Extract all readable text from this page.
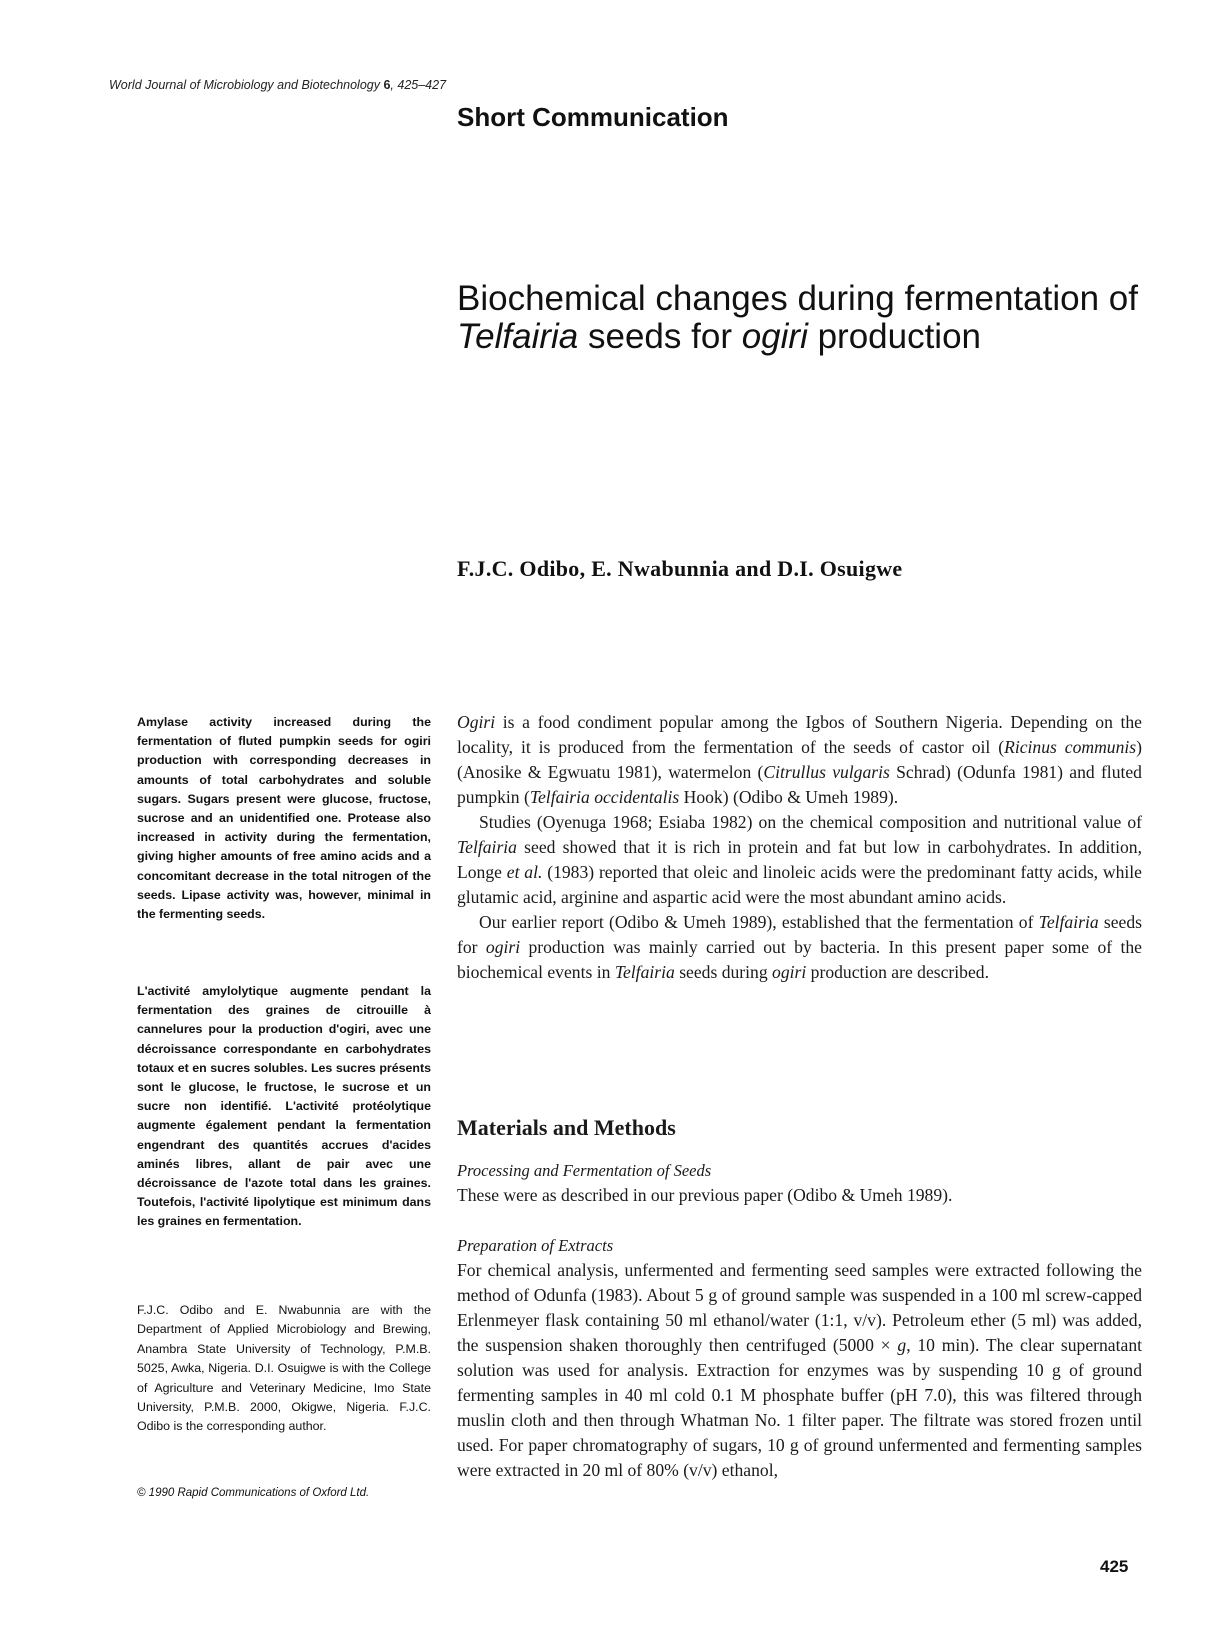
World Journal of Microbiology and Biotechnology 6, 425–427
Short Communication
Biochemical changes during fermentation of Telfairia seeds for ogiri production
F.J.C. Odibo, E. Nwabunnia and D.I. Osuigwe

Amylase activity increased during the fermentation of fluted pumpkin seeds for ogiri production with corresponding decreases in amounts of total carbohydrates and soluble sugars. Sugars present were glucose, fructose, sucrose and an unidentified one. Protease also increased in activity during the fermentation, giving higher amounts of free amino acids and a concomitant decrease in the total nitrogen of the seeds. Lipase activity was, however, minimal in the fermenting seeds.

L'activité amylolytique augmente pendant la fermentation des graines de citrouille à cannelures pour la production d'ogiri, avec une décroissance correspondante en carbohydrates totaux et en sucres solubles. Les sucres présents sont le glucose, le fructose, le sucrose et un sucre non identifié. L'activité protéolytique augmente également pendant la fermentation engendrant des quantités accrues d'acides aminés libres, allant de pair avec une décroissance de l'azote total dans les graines. Toutefois, l'activité lipolytique est minimum dans les graines en fermentation.

F.J.C. Odibo and E. Nwabunnia are with the Department of Applied Microbiology and Brewing, Anambra State University of Technology, P.M.B. 5025, Awka, Nigeria. D.I. Osuigwe is with the College of Agriculture and Veterinary Medicine, Imo State University, P.M.B. 2000, Okigwe, Nigeria. F.J.C. Odibo is the corresponding author.

© 1990 Rapid Communications of Oxford Ltd.

Ogiri is a food condiment popular among the Igbos of Southern Nigeria. Depending on the locality, it is produced from the fermentation of the seeds of castor oil (Ricinus communis) (Anosike & Egwuatu 1981), watermelon (Citrullus vulgaris Schrad) (Odunfa 1981) and fluted pumpkin (Telfairia occidentalis Hook) (Odibo & Umeh 1989).

Studies (Oyenuga 1968; Esiaba 1982) on the chemical composition and nutritional value of Telfairia seed showed that it is rich in protein and fat but low in carbohydrates. In addition, Longe et al. (1983) reported that oleic and linoleic acids were the predominant fatty acids, while glutamic acid, arginine and aspartic acid were the most abundant amino acids.

Our earlier report (Odibo & Umeh 1989), established that the fermentation of Telfairia seeds for ogiri production was mainly carried out by bacteria. In this present paper some of the biochemical events in Telfairia seeds during ogiri production are described.

Materials and Methods

Processing and Fermentation of Seeds

These were as described in our previous paper (Odibo & Umeh 1989).

Preparation of Extracts

For chemical analysis, unfermented and fermenting seed samples were extracted following the method of Odunfa (1983). About 5 g of ground sample was suspended in a 100 ml screw-capped Erlenmeyer flask containing 50 ml ethanol/water (1:1, v/v). Petroleum ether (5 ml) was added, the suspension shaken thoroughly then centrifuged (5000 × g, 10 min). The clear supernatant solution was used for analysis. Extraction for enzymes was by suspending 10 g of ground fermenting samples in 40 ml cold 0.1 M phosphate buffer (pH 7.0), this was filtered through muslin cloth and then through Whatman No. 1 filter paper. The filtrate was stored frozen until used. For paper chromatography of sugars, 10 g of ground unfermented and fermenting samples were extracted in 20 ml of 80% (v/v) ethanol,

425
